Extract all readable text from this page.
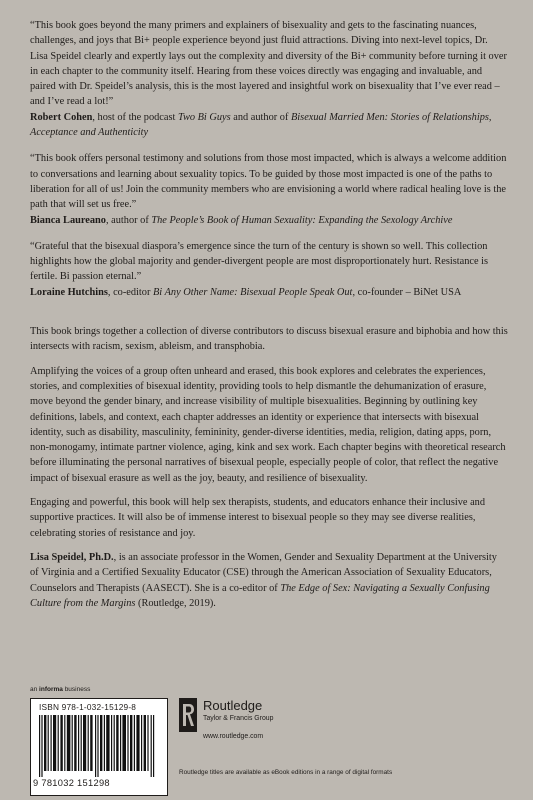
“This book goes beyond the many primers and explainers of bisexuality and gets to the fascinating nuances, challenges, and joys that Bi+ people experience beyond just fluid attractions. Diving into next-level topics, Dr. Lisa Speidel clearly and expertly lays out the complexity and diversity of the Bi+ community before turning it over in each chapter to the community itself. Hearing from these voices directly was engaging and invaluable, and paired with Dr. Speidel’s analysis, this is the most layered and insightful work on bisexuality that I’ve ever read – and I’ve read a lot!”

Robert Cohen, host of the podcast Two Bi Guys and author of Bisexual Married Men: Stories of Relationships, Acceptance and Authenticity

“This book offers personal testimony and solutions from those most impacted, which is always a welcome addition to conversations and learning about sexuality topics. To be guided by those most impacted is one of the paths to liberation for all of us! Join the community members who are envisioning a world where radical healing love is the path that will set us free.”

Bianca Laureano, author of The People’s Book of Human Sexuality: Expanding the Sexology Archive

“Grateful that the bisexual diaspora’s emergence since the turn of the century is shown so well. This collection highlights how the global majority and gender-divergent people are most disproportionately hurt. Resistance is fertile. Bi passion eternal.”

Loraine Hutchins, co-editor Bi Any Other Name: Bisexual People Speak Out, co-founder – BiNet USA

This book brings together a collection of diverse contributors to discuss bisexual erasure and biphobia and how this intersects with racism, sexism, ableism, and transphobia.

Amplifying the voices of a group often unheard and erased, this book explores and celebrates the experiences, stories, and complexities of bisexual identity, providing tools to help dismantle the dehumanization of erasure, move beyond the gender binary, and increase visibility of multiple bisexualities. Beginning by outlining key definitions, labels, and context, each chapter addresses an identity or experience that intersects with bisexual identity, such as disability, masculinity, femininity, gender-diverse identities, media, religion, dating apps, porn, non-monogamy, intimate partner violence, aging, kink and sex work. Each chapter begins with theoretical research before illuminating the personal narratives of bisexual people, especially people of color, that reflect the negative impact of bisexual erasure as well as the joy, beauty, and resilience of bisexuality.

Engaging and powerful, this book will help sex therapists, students, and educators enhance their inclusive and supportive practices. It will also be of immense interest to bisexual people so they may see diverse realities, celebrating stories of resistance and joy.

Lisa Speidel, Ph.D., is an associate professor in the Women, Gender and Sexuality Department at the University of Virginia and a Certified Sexuality Educator (CSE) through the American Association of Sexuality Educators, Counselors and Therapists (AASECT). She is a co-editor of The Edge of Sex: Navigating a Sexually Confusing Culture from the Margins (Routledge, 2019).

an informa business
ISBN 978-1-032-15129-8
9 781032 151298
Routledge
Taylor & Francis Group
www.routledge.com
Routledge titles are available as eBook editions in a range of digital formats
